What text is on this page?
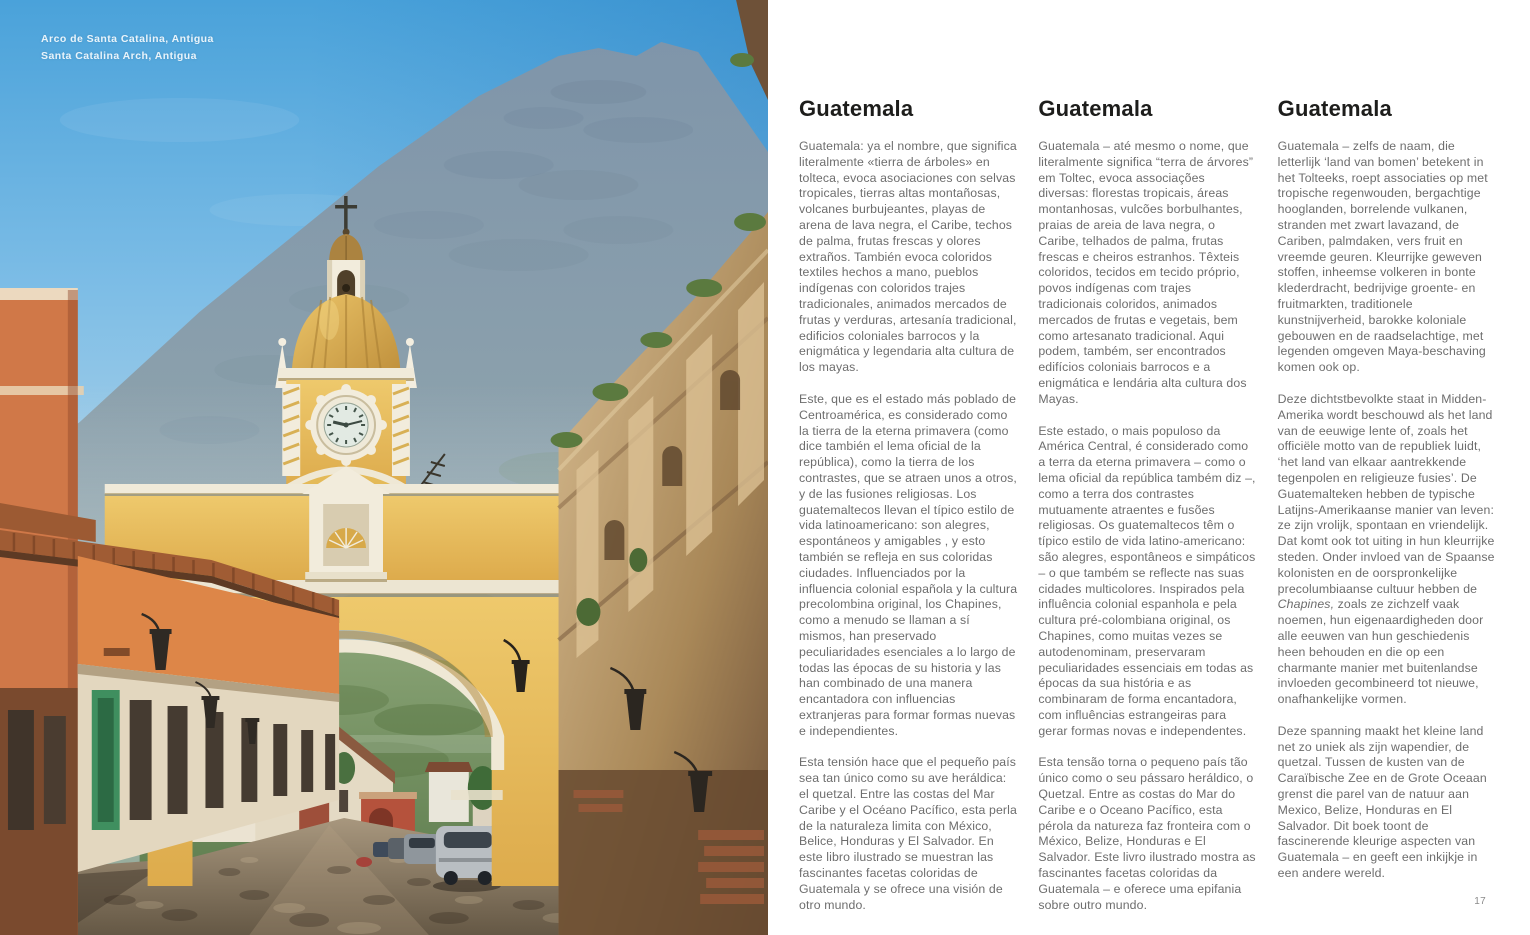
Arco de Santa Catalina, Antigua
Santa Catalina Arch, Antigua
Guatemala

Guatemala: ya el nombre, que significa literalmente «tierra de árboles» en tolteca, evoca asociaciones con selvas tropicales, tierras altas montañosas, volcanes burbujeantes, playas de arena de lava negra, el Caribe, techos de palma, frutas frescas y olores extraños. También evoca coloridos textiles hechos a mano, pueblos indígenas con coloridos trajes tradicionales, animados mercados de frutas y verduras, artesanía tradicional, edificios coloniales barrocos y la enigmática y legendaria alta cultura de los mayas.

Este, que es el estado más poblado de Centroamérica, es considerado como la tierra de la eterna primavera (como dice también el lema oficial de la república), como la tierra de los contrastes, que se atraen unos a otros, y de las fusiones religiosas. Los guatemaltecos llevan el típico estilo de vida latinoamericano: son alegres, espontáneos y amigables , y esto también se refleja en sus coloridas ciudades. Influenciados por la influencia colonial española y la cultura precolombina original, los Chapines, como a menudo se llaman a sí mismos, han preservado peculiaridades esenciales a lo largo de todas las épocas de su historia y las han combinado de una manera encantadora con influencias extranjeras para formar formas nuevas e independientes.

Esta tensión hace que el pequeño país sea tan único como su ave heráldica: el quetzal. Entre las costas del Mar Caribe y el Océano Pacífico, esta perla de la naturaleza limita con México, Belice, Honduras y El Salvador. En este libro ilustrado se muestran las fascinantes facetas coloridas de Guatemala y se ofrece una visión de otro mundo.

Guatemala

Guatemala – até mesmo o nome, que literalmente significa “terra de árvores” em Toltec, evoca associações diversas: florestas tropicais, áreas montanhosas, vulcões borbulhantes, praias de areia de lava negra, o Caribe, telhados de palma, frutas frescas e cheiros estranhos. Têxteis coloridos, tecidos em tecido próprio, povos indígenas com trajes tradicionais coloridos, animados mercados de frutas e vegetais, bem como artesanato tradicional. Aqui podem, também, ser encontrados edifícios coloniais barrocos e a enigmática e lendária alta cultura dos Mayas.

Este estado, o mais populoso da América Central, é considerado como a terra da eterna primavera – como o lema oficial da república também diz –, como a terra dos contrastes mutuamente atraentes e fusões religiosas. Os guatemaltecos têm o típico estilo de vida latino-americano: são alegres, espontâneos e simpáticos – o que também se reflecte nas suas cidades multicolores. Inspirados pela influência colonial espanhola e pela cultura pré-colombiana original, os Chapines, como muitas vezes se autodenominam, preservaram peculiaridades essenciais em todas as épocas da sua história e as combinaram de forma encantadora, com influências estrangeiras para gerar formas novas e independentes.

Esta tensão torna o pequeno país tão único como o seu pássaro heráldico, o Quetzal. Entre as costas do Mar do Caribe e o Oceano Pacífico, esta pérola da natureza faz fronteira com o México, Belize, Honduras e El Salvador. Este livro ilustrado mostra as fascinantes facetas coloridas da Guatemala – e oferece uma epifania sobre outro mundo.

Guatemala

Guatemala – zelfs de naam, die letterlijk ‘land van bomen’ betekent in het Tolteeks, roept associaties op met tropische regenwouden, bergachtige hooglanden, borrelende vulkanen, stranden met zwart lavazand, de Cariben, palmdaken, vers fruit en vreemde geuren. Kleurrijke geweven stoffen, inheemse volkeren in bonte klederdracht, bedrijvige groente- en fruitmarkten, traditionele kunstnijverheid, barokke koloniale gebouwen en de raadselachtige, met legenden omgeven Maya-beschaving komen ook op.

Deze dichtstbevolkte staat in Midden-Amerika wordt beschouwd als het land van de eeuwige lente of, zoals het officiële motto van de republiek luidt, ‘het land van elkaar aantrekkende tegenpolen en religieuze fusies’. De Guatemalteken hebben de typische Latijns-Amerikaanse manier van leven: ze zijn vrolijk, spontaan en vriendelijk. Dat komt ook tot uiting in hun kleurrijke steden. Onder invloed van de Spaanse kolonisten en de oorspronkelijke precolumbiaanse cultuur hebben de Chapines, zoals ze zichzelf vaak noemen, hun eigenaardigheden door alle eeuwen van hun geschiedenis heen behouden en die op een charmante manier met buitenlandse invloeden gecombineerd tot nieuwe, onafhankelijke vormen.

Deze spanning maakt het kleine land net zo uniek als zijn wapendier, de quetzal. Tussen de kusten van de Caraïbische Zee en de Grote Oceaan grenst die parel van de natuur aan Mexico, Belize, Honduras en El Salvador. Dit boek toont de fascinerende kleurige aspecten van Guatemala – en geeft een inkijkje in een andere wereld.

17
